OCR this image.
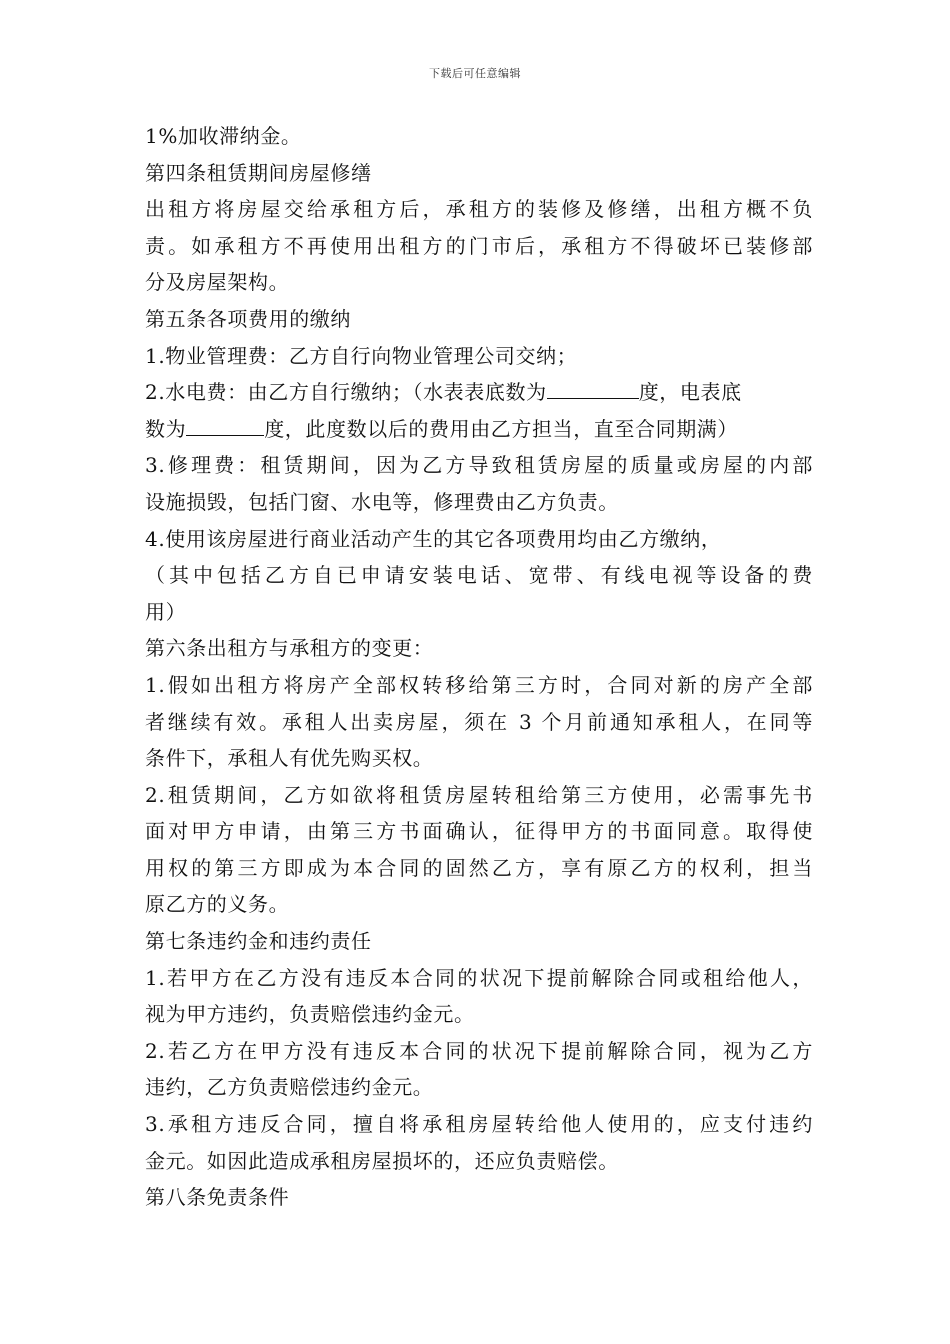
下载后可任意编辑
1%加收滞纳金。
第四条租赁期间房屋修缮
出租方将房屋交给承租方后，承租方的装修及修缮，出租方概不负
责。如承租方不再使用出租方的门市后，承租方不得破坏已装修部
分及房屋架构。
第五条各项费用的缴纳
1.物业管理费：乙方自行向物业管理公司交纳；
2.水电费：由乙方自行缴纳；（水表表底数为	度，电表底
数为	度，此度数以后的费用由乙方担当，直至合同期满）
3.修理费：租赁期间，因为乙方导致租赁房屋的质量或房屋的内部
设施损毁，包括门窗、水电等，修理费由乙方负责。
4.使用该房屋进行商业活动产生的其它各项费用均由乙方缴纳，
（其中包括乙方自已申请安装电话、宽带、有线电视等设备的费
用）
第六条出租方与承租方的变更：
1.假如出租方将房产全部权转移给第三方时，合同对新的房产全部
者继续有效。承租人出卖房屋，须在 3 个月前通知承租人，在同等
条件下，承租人有优先购买权。
2.租赁期间，乙方如欲将租赁房屋转租给第三方使用，必需事先书
面对甲方申请，由第三方书面确认，征得甲方的书面同意。取得使
用权的第三方即成为本合同的固然乙方，享有原乙方的权利，担当
原乙方的义务。
第七条违约金和违约责任
1.若甲方在乙方没有违反本合同的状况下提前解除合同或租给他人，
视为甲方违约，负责赔偿违约金元。
2.若乙方在甲方没有违反本合同的状况下提前解除合同，视为乙方
违约，乙方负责赔偿违约金元。
3.承租方违反合同，擅自将承租房屋转给他人使用的，应支付违约
金元。如因此造成承租房屋损坏的，还应负责赔偿。
第八条免责条件
